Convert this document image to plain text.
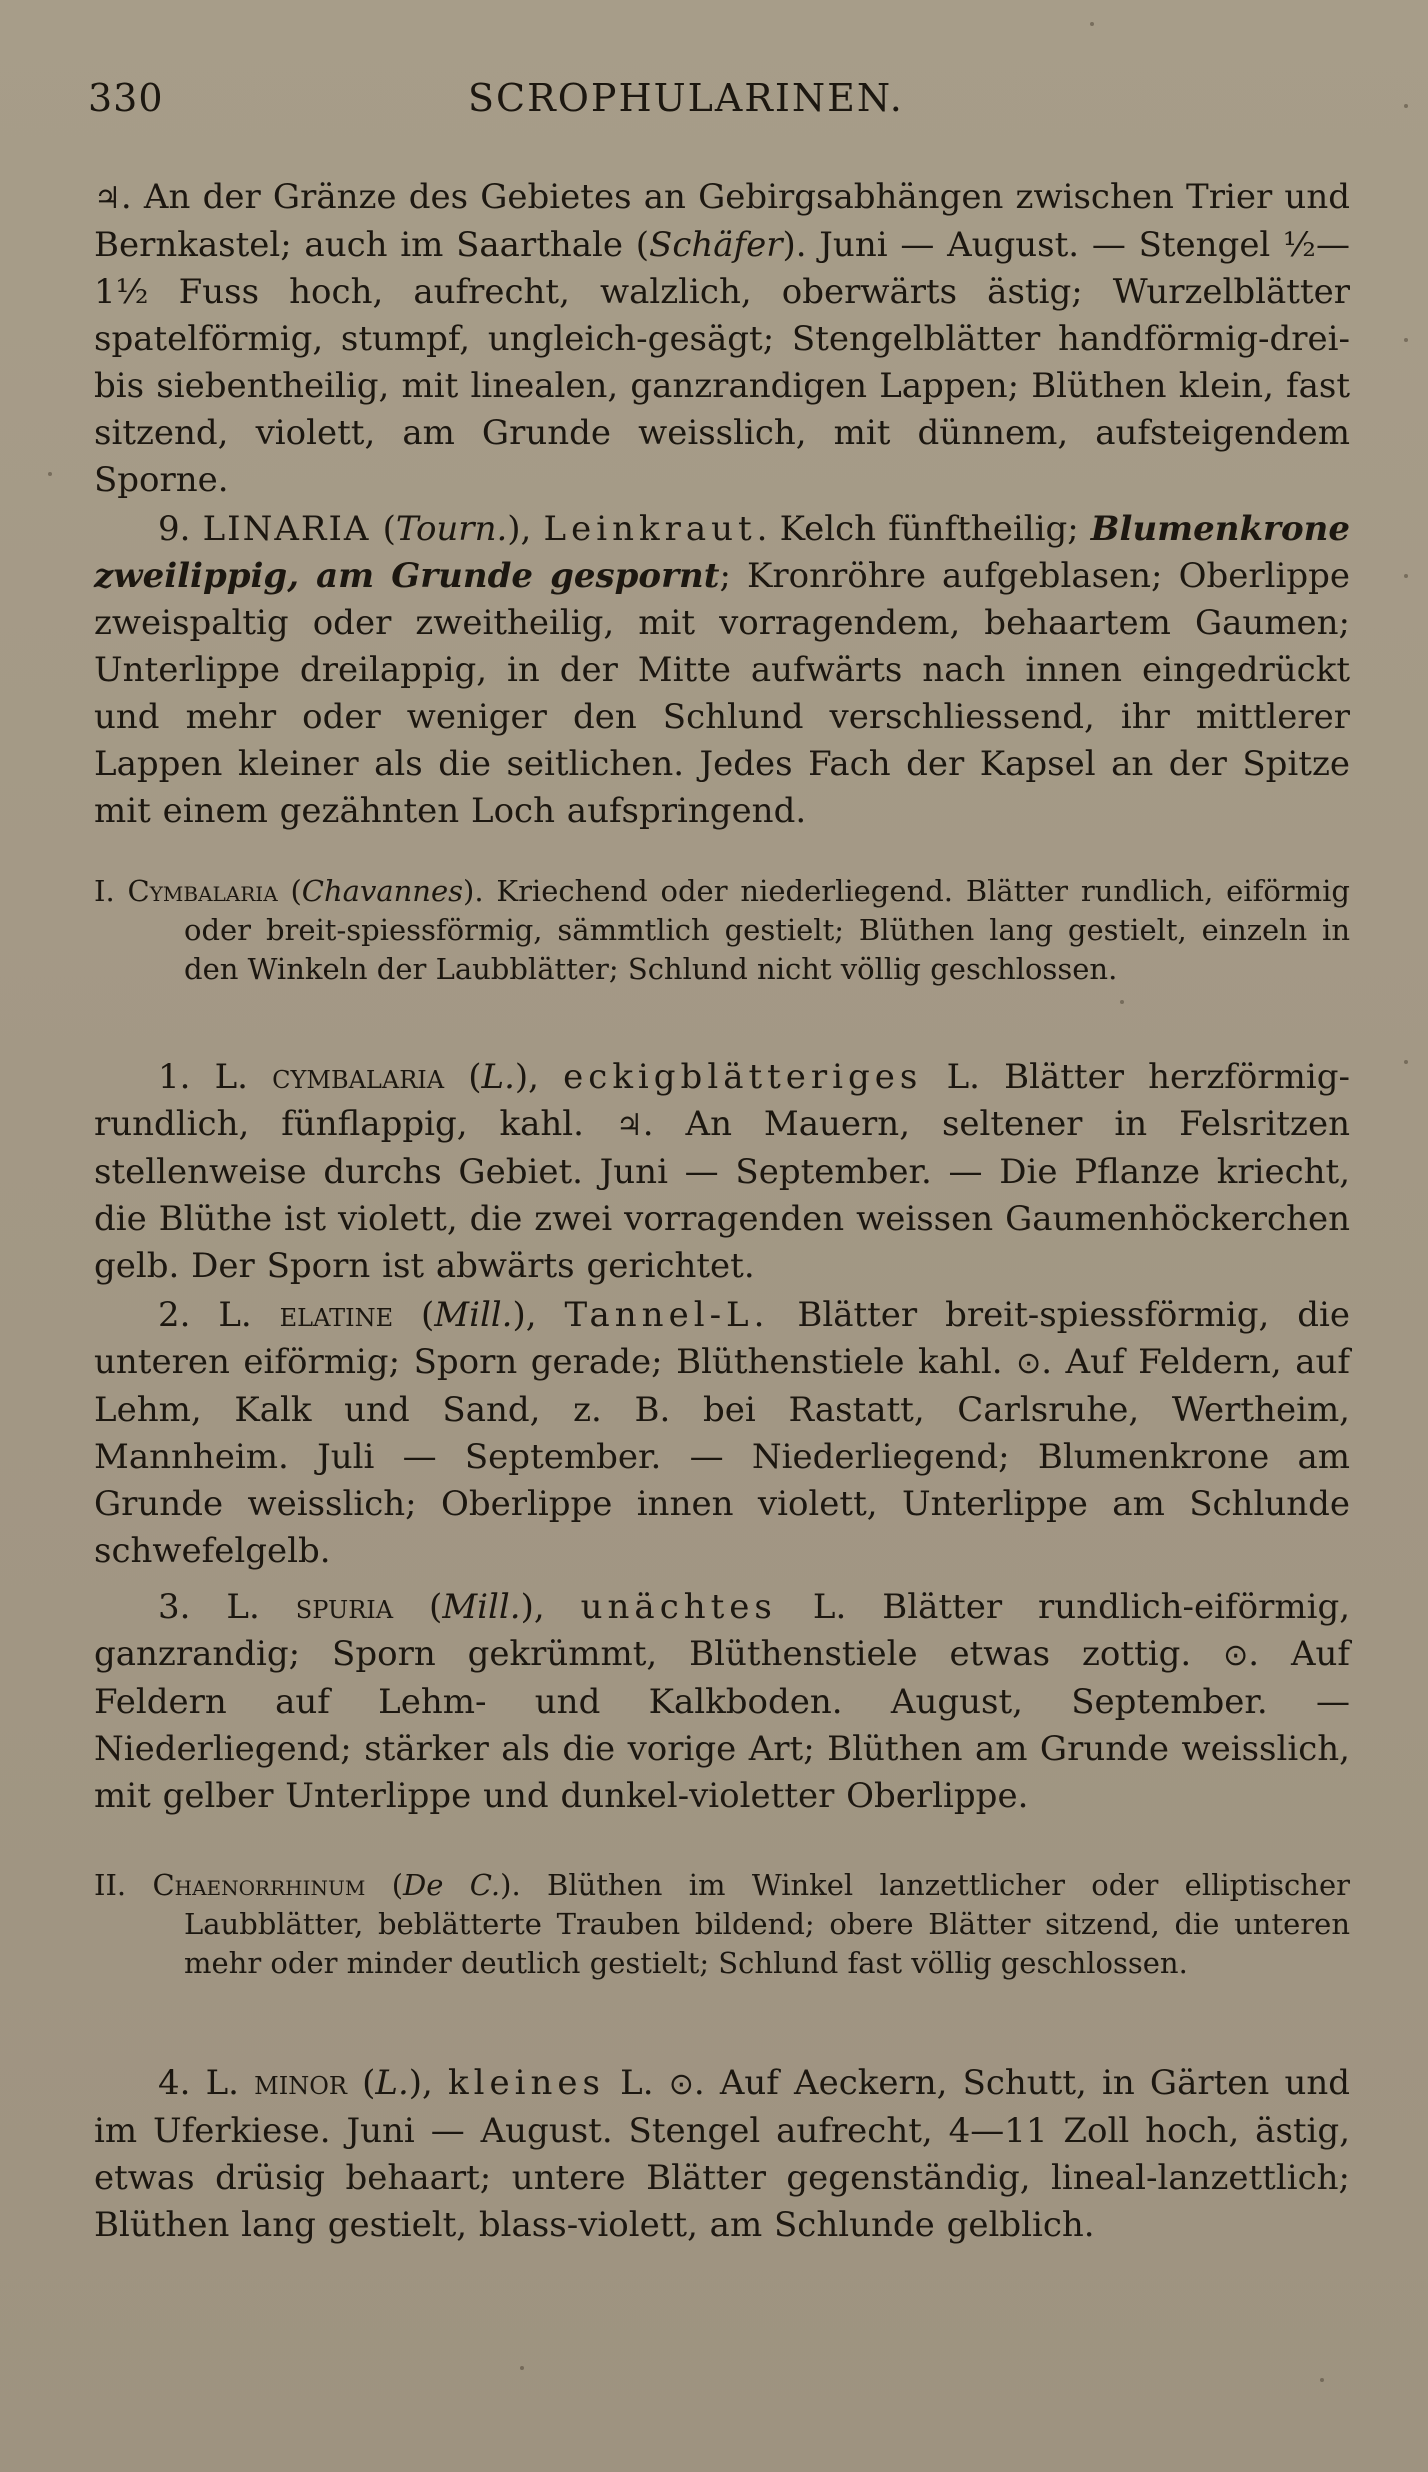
330	SCROPHULARINEN.

♃. An der Gränze des Gebietes an Gebirgsabhängen zwischen Trier und Bernkastel; auch im Saarthale (Schäfer). Juni — August. — Stengel ½—1½ Fuss hoch, aufrecht, walzlich, oberwärts ästig; Wurzelblätter spatelförmig, stumpf, ungleich-gesägt; Stengelblätter handförmig-drei- bis siebentheilig, mit linealen, ganzrandigen Lappen; Blüthen klein, fast sitzend, violett, am Grunde weisslich, mit dünnem, aufsteigendem Sporne.

9. LINARIA (Tourn.), Leinkraut. Kelch fünftheilig; Blumenkrone zweilippig, am Grunde gespornt; Kronröhre aufgeblasen; Oberlippe zweispaltig oder zweitheilig, mit vorragendem, behaartem Gaumen; Unterlippe dreilappig, in der Mitte aufwärts nach innen eingedrückt und mehr oder weniger den Schlund verschliessend, ihr mittlerer Lappen kleiner als die seitlichen. Jedes Fach der Kapsel an der Spitze mit einem gezähnten Loch aufspringend.

I. Cymbalaria (Chavannes). Kriechend oder niederliegend. Blätter rundlich, eiförmig oder breit-spiessförmig, sämmtlich gestielt; Blüthen lang gestielt, einzeln in den Winkeln der Laubblätter; Schlund nicht völlig geschlossen.

1. L. cymbalaria (L.), eckigblätteriges L. Blätter herzförmig-rundlich, fünflappig, kahl. ♃. An Mauern, seltener in Felsritzen stellenweise durchs Gebiet. Juni — September. — Die Pflanze kriecht, die Blüthe ist violett, die zwei vorragenden weissen Gaumenhöckerchen gelb. Der Sporn ist abwärts gerichtet.

2. L. elatine (Mill.), Tannel-L. Blätter breit-spiessförmig, die unteren eiförmig; Sporn gerade; Blüthenstiele kahl. ⊙. Auf Feldern, auf Lehm, Kalk und Sand, z. B. bei Rastatt, Carlsruhe, Wertheim, Mannheim. Juli — September. — Niederliegend; Blumenkrone am Grunde weisslich; Oberlippe innen violett, Unterlippe am Schlunde schwefelgelb.

3. L. spuria (Mill.), unächtes L. Blätter rundlich-eiförmig, ganzrandig; Sporn gekrümmt, Blüthenstiele etwas zottig. ⊙. Auf Feldern auf Lehm- und Kalkboden. August, September. — Niederliegend; stärker als die vorige Art; Blüthen am Grunde weisslich, mit gelber Unterlippe und dunkel-violetter Oberlippe.

II. Chaenorrhinum (De C.). Blüthen im Winkel lanzettlicher oder elliptischer Laubblätter, beblätterte Trauben bildend; obere Blätter sitzend, die unteren mehr oder minder deutlich gestielt; Schlund fast völlig geschlossen.

4. L. minor (L.), kleines L. ⊙. Auf Aeckern, Schutt, in Gärten und im Uferkiese. Juni — August. Stengel aufrecht, 4—11 Zoll hoch, ästig, etwas drüsig behaart; untere Blätter gegenständig, lineal-lanzettlich; Blüthen lang gestielt, blass-violett, am Schlunde gelblich.
